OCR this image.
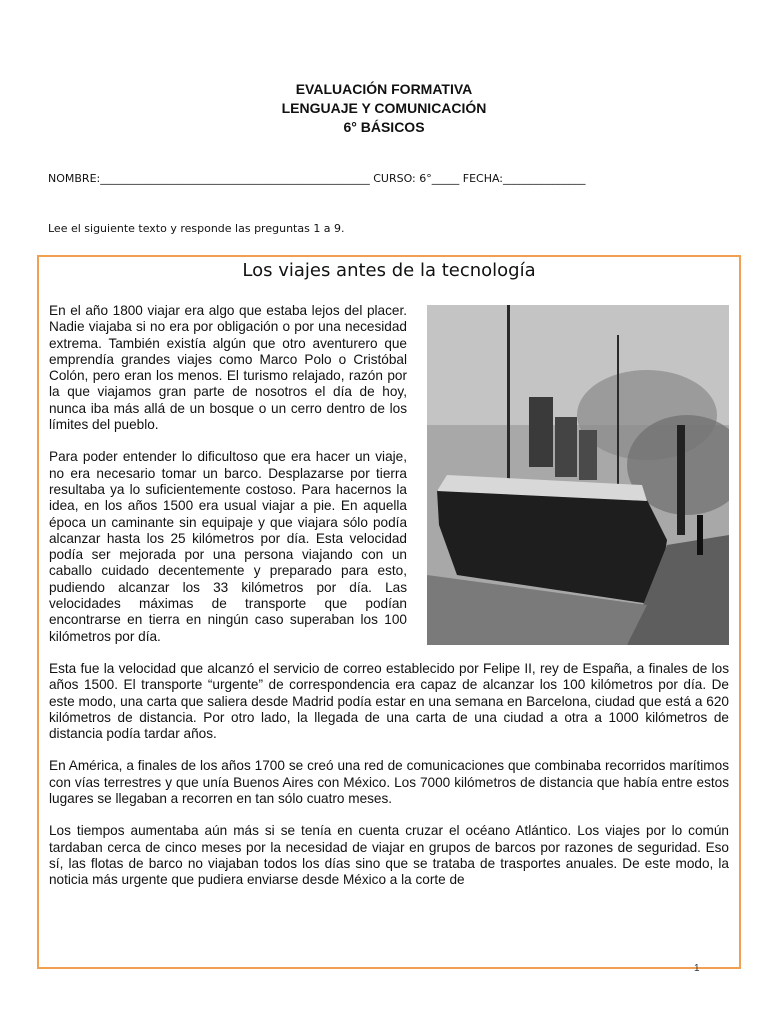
EVALUACIÓN FORMATIVA
LENGUAJE Y COMUNICACIÓN
6° BÁSICOS
NOMBRE:_________________________________________________ CURSO: 6°_____ FECHA:_______________
Lee el siguiente texto y responde las preguntas 1 a 9.
Los viajes antes de la tecnología

En el año 1800 viajar era algo que estaba lejos del placer. Nadie viajaba si no era por obligación o por una necesidad extrema. También existía algún que otro aventurero que emprendía grandes viajes como Marco Polo o Cristóbal Colón, pero eran los menos. El turismo relajado, razón por la que viajamos gran parte de nosotros el día de hoy, nunca iba más allá de un bosque o un cerro dentro de los límites del pueblo.

Para poder entender lo dificultoso que era hacer un viaje, no era necesario tomar un barco. Desplazarse por tierra resultaba ya lo suficientemente costoso. Para hacernos la idea, en los años 1500 era usual viajar a pie. En aquella época un caminante sin equipaje y que viajara sólo podía alcanzar hasta los 25 kilómetros por día. Esta velocidad podía ser mejorada por una persona viajando con un caballo cuidado decentemente y preparado para esto, pudiendo alcanzar los 33 kilómetros por día. Las velocidades máximas de transporte que podían encontrarse en tierra en ningún caso superaban los 100 kilómetros por día.

Esta fue la velocidad que alcanzó el servicio de correo establecido por Felipe II, rey de España, a finales de los años 1500. El transporte “urgente” de correspondencia era capaz de alcanzar los 100 kilómetros por día. De este modo, una carta que saliera desde Madrid podía estar en una semana en Barcelona, ciudad que está a 620 kilómetros de distancia. Por otro lado, la llegada de una carta de una ciudad a otra a 1000 kilómetros de distancia podía tardar años.

En América, a finales de los años 1700 se creó una red de comunicaciones que combinaba recorridos marítimos con vías terrestres y que unía Buenos Aires con México. Los 7000 kilómetros de distancia que había entre estos lugares se llegaban a recorren en tan sólo cuatro meses.

Los tiempos aumentaba aún más si se tenía en cuenta cruzar el océano Atlántico. Los viajes por lo común tardaban cerca de cinco meses por la necesidad de viajar en grupos de barcos por razones de seguridad. Eso sí, las flotas de barco no viajaban todos los días sino que se trataba de trasportes anuales. De este modo, la noticia más urgente que pudiera enviarse desde México a la corte de

1
